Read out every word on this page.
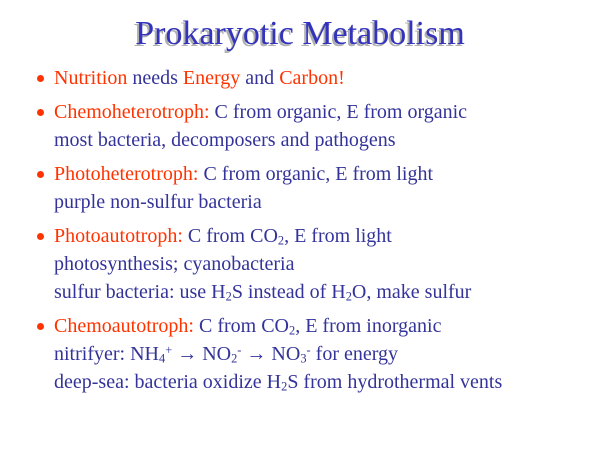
Prokaryotic Metabolism
Nutrition needs Energy and Carbon!
Chemoheterotroph: C from organic, E from organic
most bacteria, decomposers and pathogens
Photoheterotroph: C from organic, E from light
purple non-sulfur bacteria
Photoautotroph: C from $CO_2$, E from light
photosynthesis; cyanobacteria
sulfur bacteria: use $H_2S$ instead of $H_2O$, make sulfur
Chemoautotroph: C from $CO_2$, E from inorganic
nitrifyer: $NH_4^+ \to NO_2^- \to NO_3^-$ for energy
deep-sea: bacteria oxidize $H_2S$ from hydrothermal vents
